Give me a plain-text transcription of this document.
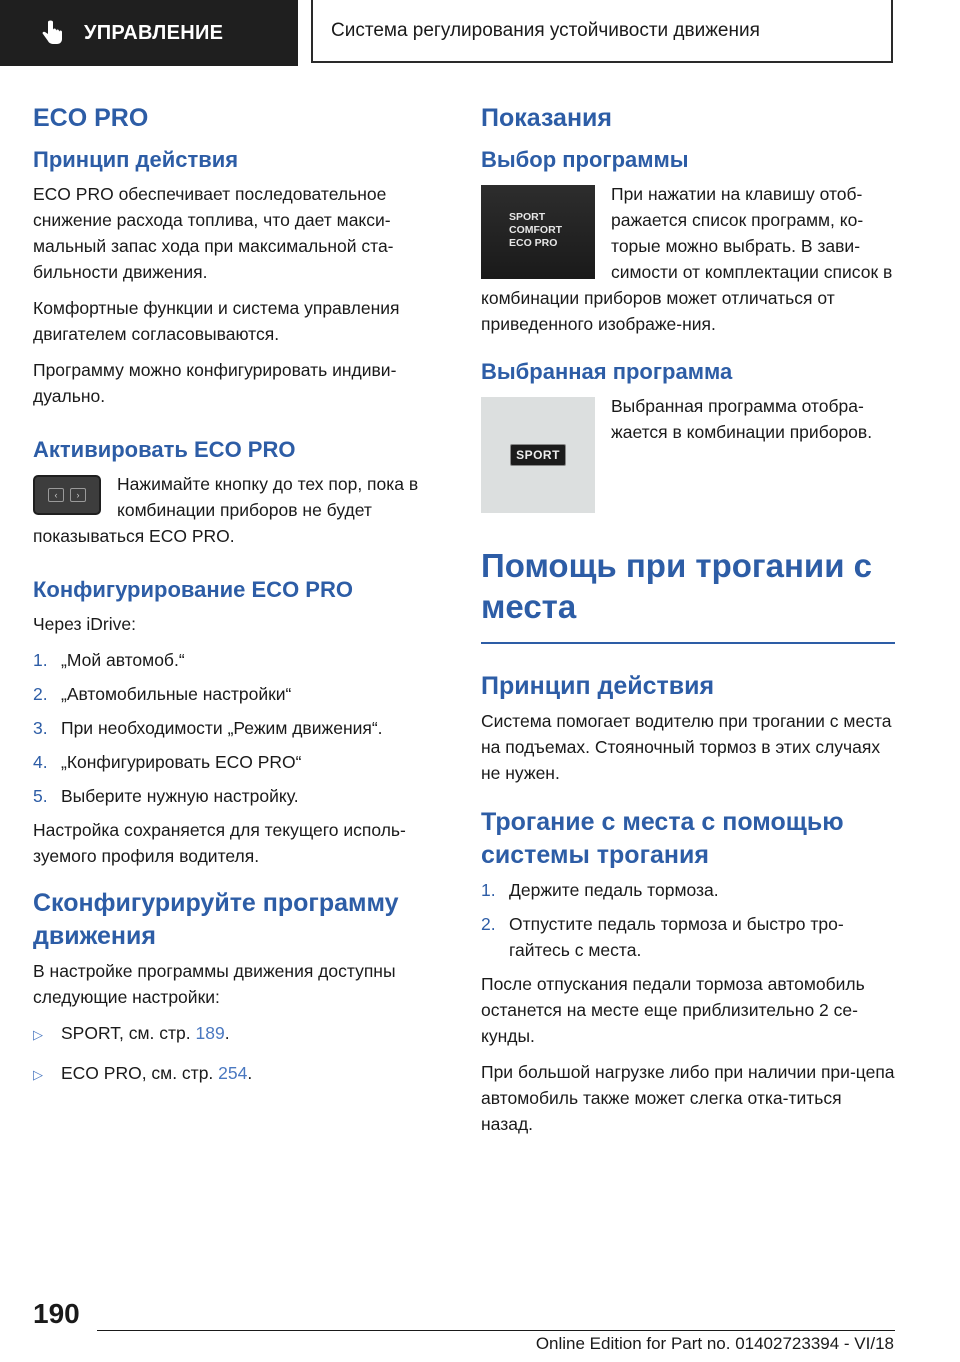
УПРАВЛЕНИЕ	Система регулирования устойчивости движения
ECO PRO
Принцип действия

ECO PRO обеспечивает последовательное снижение расхода топлива, что дает макси-мальный запас хода при максимальной ста-бильности движения.

Комфортные функции и система управления двигателем согласовываются.

Программу можно конфигурировать индиви-дуально.

Активировать ECO PRO
‹	›

Нажимайте кнопку до тех пор, пока в комбинации приборов не будет показываться ECO PRO.

Конфигурирование ECO PRO

Через iDrive:

1. „Мой автомоб.“
2. „Автомобильные настройки“
3. При необходимости „Режим движения“.
4. „Конфигурировать ECO PRO“
5. Выберите нужную настройку.

Настройка сохраняется для текущего исполь-зуемого профиля водителя.

Сконфигурируйте программу движения

В настройке программы движения доступны следующие настройки:

▷	SPORT, см. стр. 189.
▷	ECO PRO, см. стр. 254.
Показания
Выбор программы
SPORT
COMFORT
ECO PRO

При нажатии на клавишу отоб-ражается список программ, ко-торые можно выбрать. В зави-симости от комплектации список в комбинации приборов может отличаться от приведенного изображе-ния.

Выбранная программа
SPORT

Выбранная программа отобра-жается в комбинации приборов.

Помощь при трогании с места
Принцип действия

Система помогает водителю при трогании с места на подъемах. Стояночный тормоз в этих случаях не нужен.

Трогание с места с помощью системы трогания
1. Держите педаль тормоза.
2. Отпустите педаль тормоза и быстро тро-гайтесь с места.

После отпускания педали тормоза автомобиль останется на месте еще приблизительно 2 се-кунды.

При большой нагрузке либо при наличии при-цепа автомобиль также может слегка отка-титься назад.

190
Online Edition for Part no. 01402723394 - VI/18
